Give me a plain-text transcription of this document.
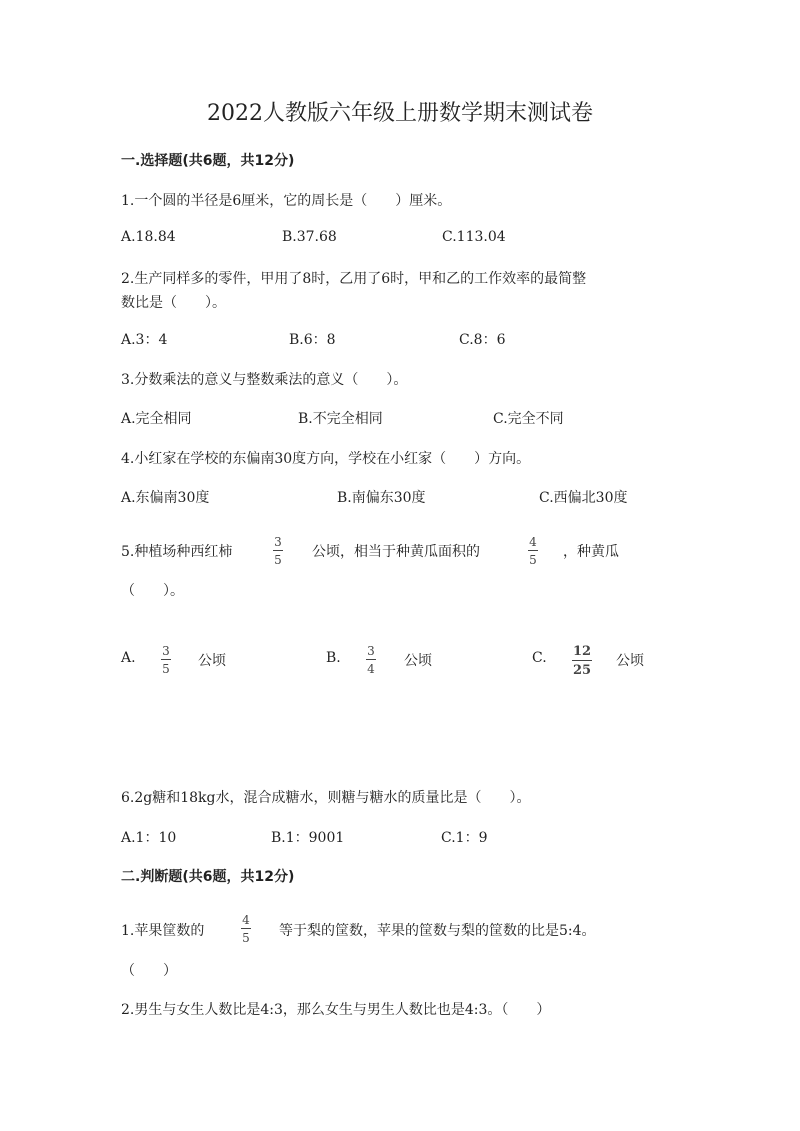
2022人教版六年级上册数学期末测试卷
一.选择题(共6题，共12分)
1.一个圆的半径是6厘米，它的周长是（　　）厘米。
A.18.84	B.37.68	C.113.04
2.生产同样多的零件，甲用了8时，乙用了6时，甲和乙的工作效率的最简整
数比是（　　）。
A.3：4	B.6：8	C.8：6
3.分数乘法的意义与整数乘法的意义（　　）。
A.完全相同	B.不完全相同	C.完全不同
4.小红家在学校的东偏南30度方向，学校在小红家（　　）方向。
A.东偏南30度	B.南偏东30度	C.西偏北30度
5.种植场种西红柿
3
5 公顷，相当于种黄瓜面积的
4
5 ，种黄瓜
（　　）。
A. 3
5 公顷	B. 3
4 公顷	C. 12
25
公顷
6.2g糖和18kg水，混合成糖水，则糖与糖水的质量比是（　　）。
A.1：10	B.1：9001	C.1：9
二.判断题(共6题，共12分)
1.苹果筐数的
4
5 等于梨的筐数，苹果的筐数与梨的筐数的比是5:4。
（　　）
2.男生与女生人数比是4:3，那么女生与男生人数比也是4:3。（　　）
